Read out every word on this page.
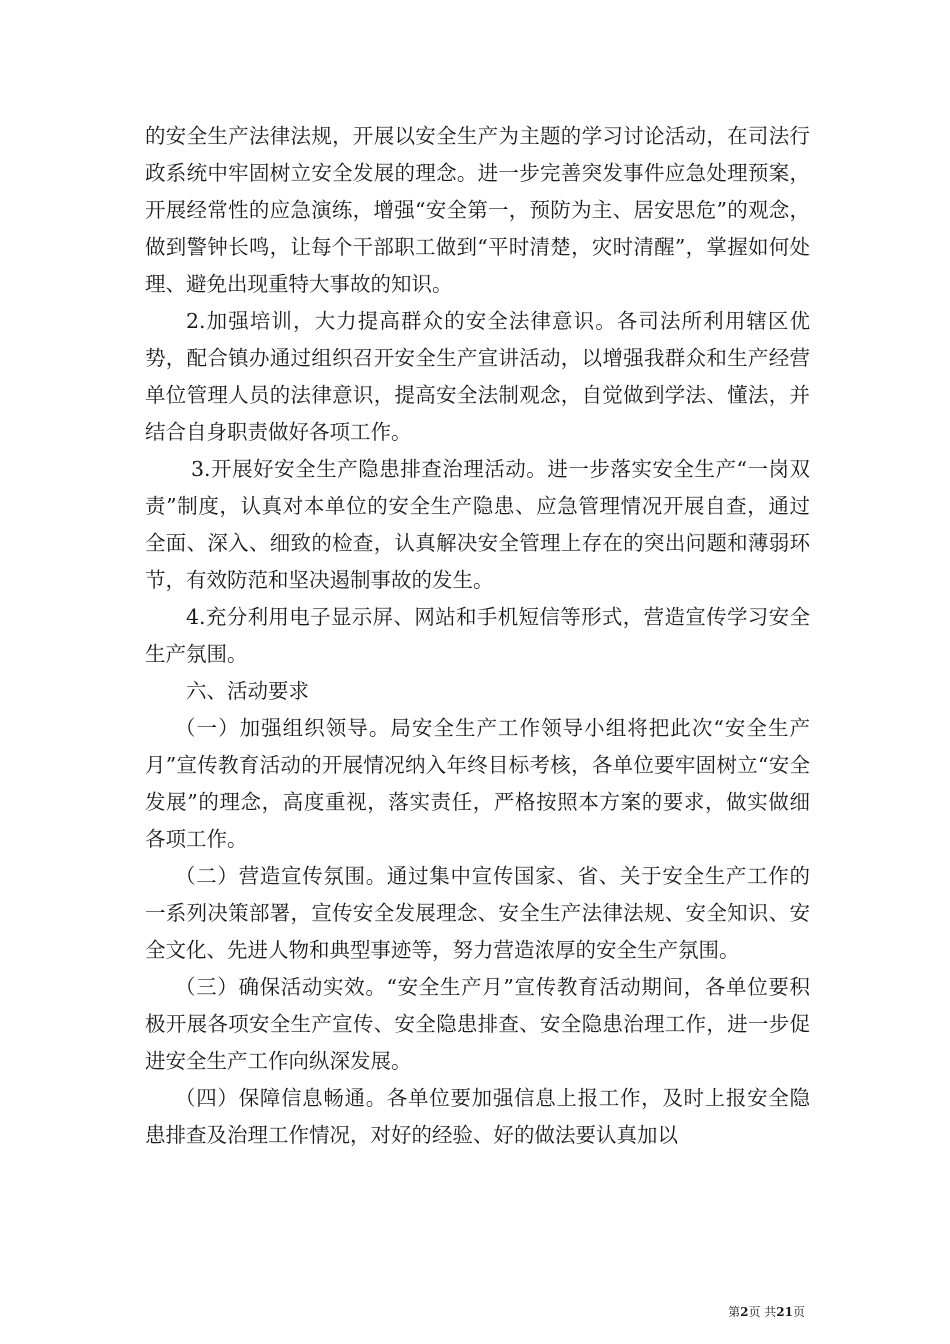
的安全生产法律法规，开展以安全生产为主题的学习讨论活动，在司法行政系统中牢固树立安全发展的理念。进一步完善突发事件应急处理预案，开展经常性的应急演练，增强“安全第一，预防为主、居安思危”的观念，做到警钟长鸣，让每个干部职工做到“平时清楚，灾时清醒”，掌握如何处理、避免出现重特大事故的知识。

2.加强培训，大力提高群众的安全法律意识。各司法所利用辖区优势，配合镇办通过组织召开安全生产宣讲活动，以增强我群众和生产经营单位管理人员的法律意识，提高安全法制观念，自觉做到学法、懂法，并结合自身职责做好各项工作。

3.开展好安全生产隐患排查治理活动。进一步落实安全生产“一岗双责”制度，认真对本单位的安全生产隐患、应急管理情况开展自查，通过全面、深入、细致的检查，认真解决安全管理上存在的突出问题和薄弱环节，有效防范和坚决遏制事故的发生。

4.充分利用电子显示屏、网站和手机短信等形式，营造宣传学习安全生产氛围。

六、活动要求

（一）加强组织领导。局安全生产工作领导小组将把此次“安全生产月”宣传教育活动的开展情况纳入年终目标考核，各单位要牢固树立“安全发展”的理念，高度重视，落实责任，严格按照本方案的要求，做实做细各项工作。

（二）营造宣传氛围。通过集中宣传国家、省、关于安全生产工作的一系列决策部署，宣传安全发展理念、安全生产法律法规、安全知识、安全文化、先进人物和典型事迹等，努力营造浓厚的安全生产氛围。

（三）确保活动实效。“安全生产月”宣传教育活动期间，各单位要积极开展各项安全生产宣传、安全隐患排查、安全隐患治理工作，进一步促进安全生产工作向纵深发展。

（四）保障信息畅通。各单位要加强信息上报工作，及时上报安全隐患排查及治理工作情况，对好的经验、好的做法要认真加以

第2页 共21页
